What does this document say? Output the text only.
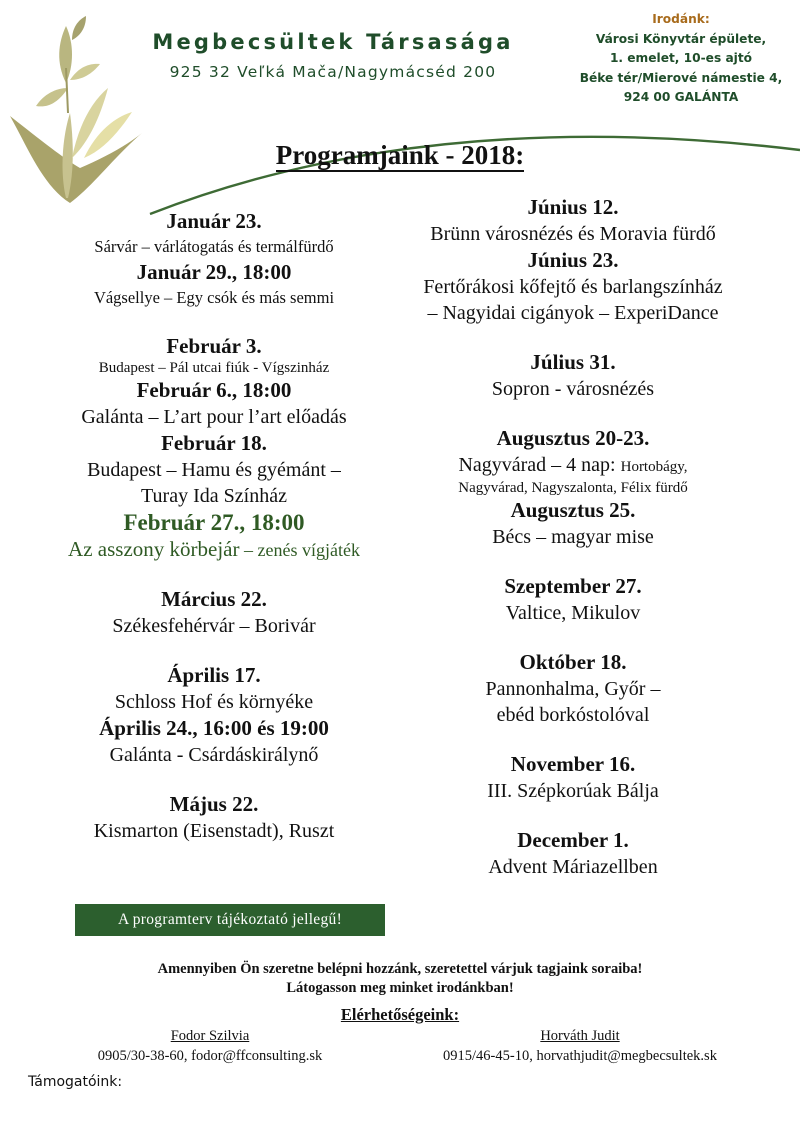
Megbecsültek Társasága
925 32 Veľká Mača/Nagymácséd 200
Irodánk:
Városi Könyvtár épülete,
1. emelet, 10-es ajtó
Béke tér/Mierové námestie 4,
924 00 GALÁNTA
Programjaink - 2018:
Január 23.
Sárvár – várlátogatás és termálfürdő
Január 29., 18:00
Vágsellye – Egy csók és más semmi
Február 3.
Budapest – Pál utcai fiúk - Vígszinház
Február 6., 18:00
Galánta – L’art pour l’art előadás
Február 18.
Budapest – Hamu és gyémánt –
Turay Ida Színház
Február 27., 18:00
Az asszony körbejár – zenés vígjáték
Március 22.
Székesfehérvár – Borivár
Április 17.
Schloss Hof és környéke
Április 24., 16:00 és 19:00
Galánta - Csárdáskirálynő
Május 22.
Kismarton (Eisenstadt), Ruszt
Június 12.
Brünn városnézés és Moravia fürdő
Június 23.
Fertőrákosi kőfejtő és barlangszínház
– Nagyidai cigányok – ExperiDance
Július 31.
Sopron - városnézés
Augusztus 20-23.
Nagyvárad – 4 nap: Hortobágy,
Nagyvárad, Nagyszalonta, Félix fürdő
Augusztus 25.
Bécs – magyar mise
Szeptember 27.
Valtice, Mikulov
Október 18.
Pannonhalma, Győr –
ebéd borkóstolóval
November 16.
III. Szépkorúak Bálja
December 1.
Advent Máriazellben
A programterv tájékoztató jellegű!
Amennyiben Ön szeretne belépni hozzánk, szeretettel várjuk tagjaink soraiba!
Látogasson meg minket irodánkban!
Elérhetőségeink:
Fodor Szilvia
0905/30-38-60, fodor@ffconsulting.sk
Horváth Judit
0915/46-45-10, horvathjudit@megbecsultek.sk
Támogatóink:
